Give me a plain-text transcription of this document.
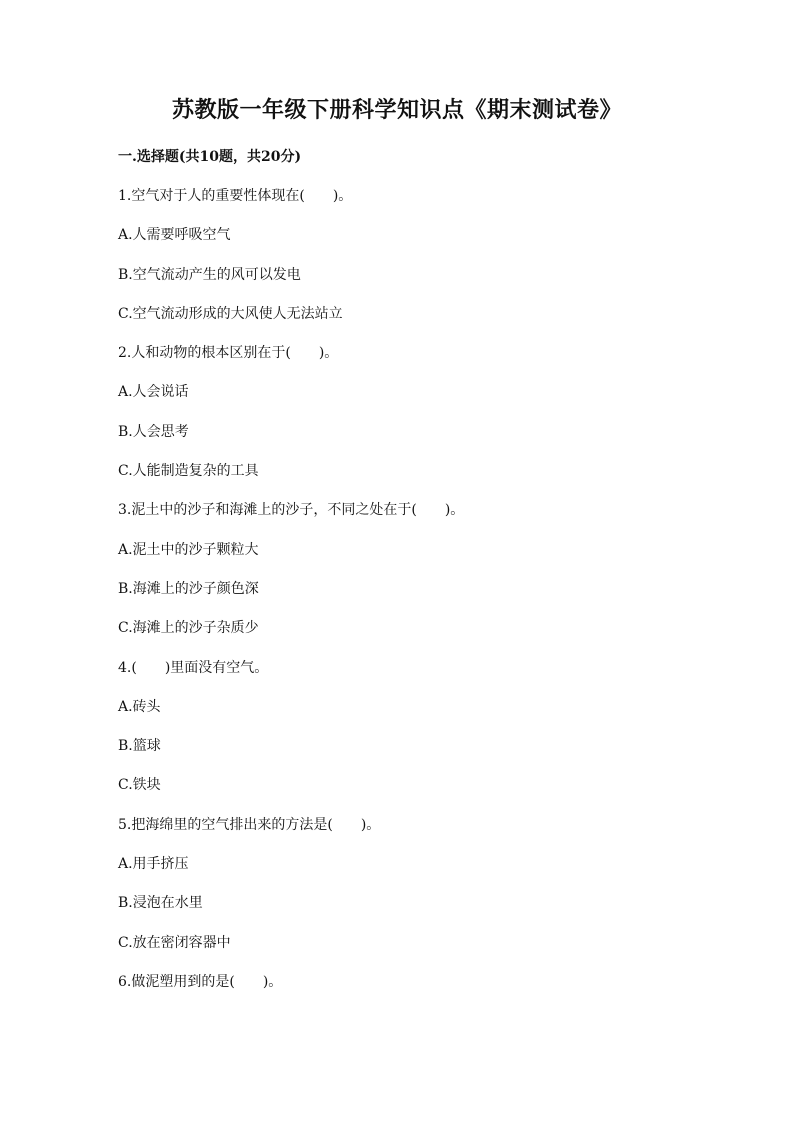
苏教版一年级下册科学知识点《期末测试卷》
一.选择题(共10题，共20分)
1.空气对于人的重要性体现在(　　)。
A.人需要呼吸空气
B.空气流动产生的风可以发电
C.空气流动形成的大风使人无法站立
2.人和动物的根本区别在于(　　)。
A.人会说话
B.人会思考
C.人能制造复杂的工具
3.泥土中的沙子和海滩上的沙子，不同之处在于(　　)。
A.泥土中的沙子颗粒大
B.海滩上的沙子颜色深
C.海滩上的沙子杂质少
4.(　　)里面没有空气。
A.砖头
B.篮球
C.铁块
5.把海绵里的空气排出来的方法是(　　)。
A.用手挤压
B.浸泡在水里
C.放在密闭容器中
6.做泥塑用到的是(　　)。
